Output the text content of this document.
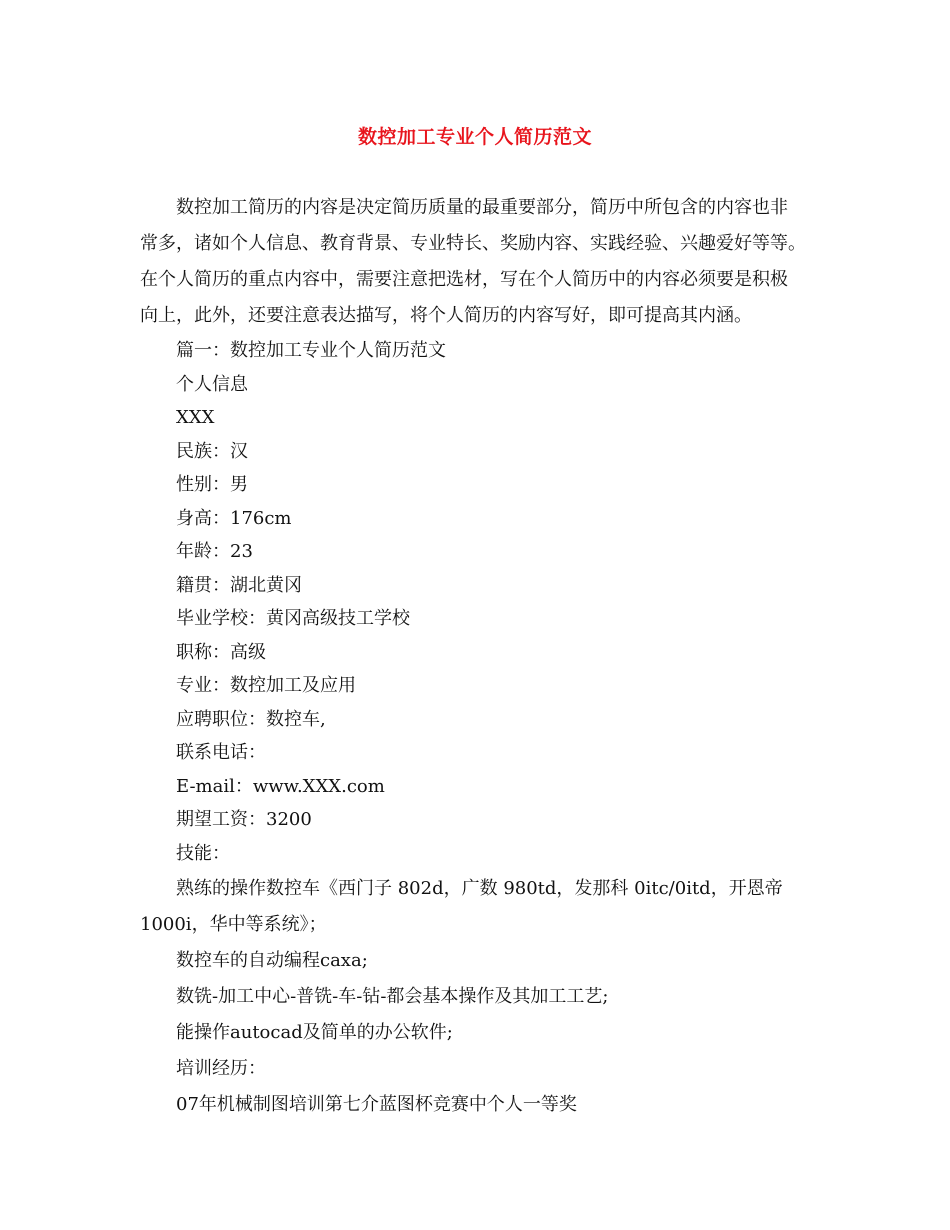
数控加工专业个人简历范文
数控加工简历的内容是决定简历质量的最重要部分，简历中所包含的内容也非
常多，诸如个人信息、教育背景、专业特长、奖励内容、实践经验、兴趣爱好等等。
在个人简历的重点内容中，需要注意把选材，写在个人简历中的内容必须要是积极
向上，此外，还要注意表达描写，将个人简历的内容写好，即可提高其内涵。
篇一：数控加工专业个人简历范文
个人信息
XXX
民族：汉
性别：男
身高：176cm
年龄：23
籍贯：湖北黄冈
毕业学校：黄冈高级技工学校
职称：高级
专业：数控加工及应用
应聘职位：数控车,
联系电话：
E-mail：www.XXX.com
期望工资：3200
技能：
熟练的操作数控车《西门子 802d，广数 980td，发那科 0itc/0itd，开恩帝
1000i，华中等系统》；
数控车的自动编程caxa;
数铣-加工中心-普铣-车-钻-都会基本操作及其加工工艺;
能操作autocad及简单的办公软件;
培训经历：
07年机械制图培训第七介蓝图杯竞赛中个人一等奖
